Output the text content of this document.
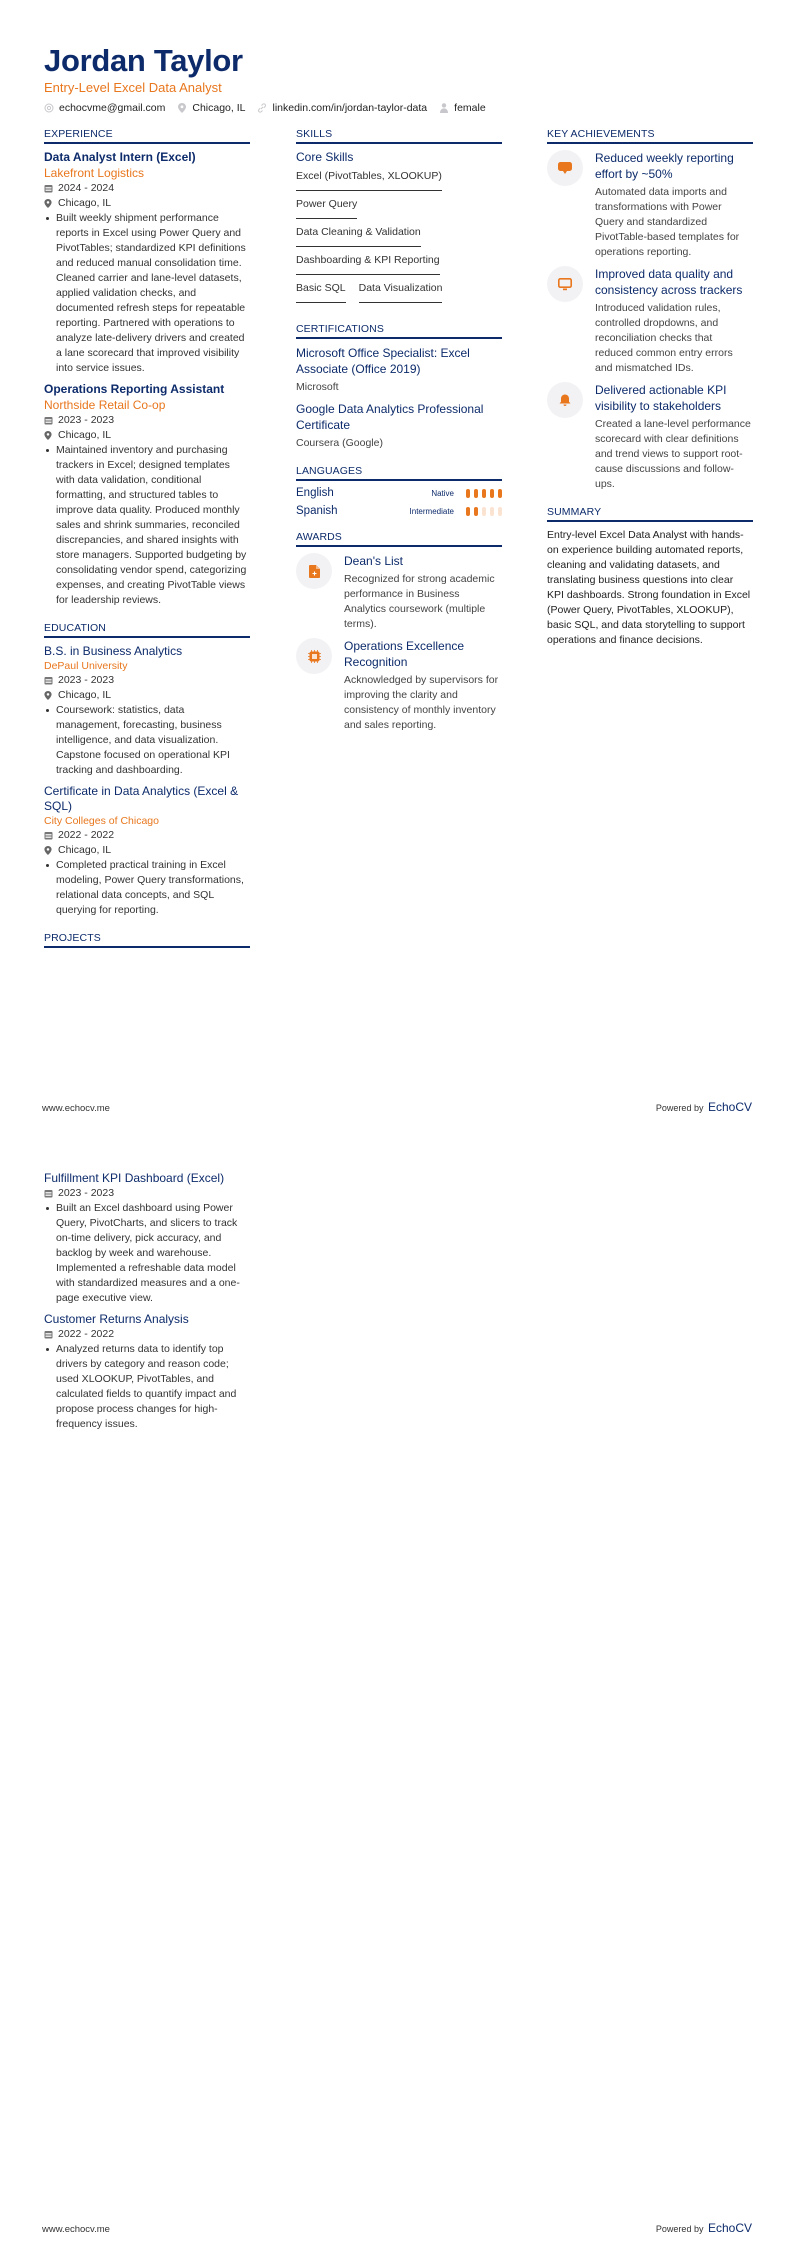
Jordan Taylor
Entry-Level Excel Data Analyst
echocvme@gmail.com	Chicago, IL	linkedin.com/in/jordan-taylor-data	female
EXPERIENCE
Data Analyst Intern (Excel)
Lakefront Logistics
2024 - 2024
Chicago, IL
Built weekly shipment performance reports in Excel using Power Query and PivotTables; standardized KPI definitions and reduced manual consolidation time. Cleaned carrier and lane-level datasets, applied validation checks, and documented refresh steps for repeatable reporting. Partnered with operations to analyze late-delivery drivers and created a lane scorecard that improved visibility into service issues.
Operations Reporting Assistant
Northside Retail Co-op
2023 - 2023
Chicago, IL
Maintained inventory and purchasing trackers in Excel; designed templates with data validation, conditional formatting, and structured tables to improve data quality. Produced monthly sales and shrink summaries, reconciled discrepancies, and shared insights with store managers. Supported budgeting by consolidating vendor spend, categorizing expenses, and creating PivotTable views for leadership reviews.
EDUCATION
B.S. in Business Analytics
DePaul University
2023 - 2023
Chicago, IL
Coursework: statistics, data management, forecasting, business intelligence, and data visualization. Capstone focused on operational KPI tracking and dashboarding.
Certificate in Data Analytics (Excel & SQL)
City Colleges of Chicago
2022 - 2022
Chicago, IL
Completed practical training in Excel modeling, Power Query transformations, relational data concepts, and SQL querying for reporting.
PROJECTS
SKILLS
Core Skills
Excel (PivotTables, XLOOKUP)
Power Query
Data Cleaning & Validation
Dashboarding & KPI Reporting
Basic SQL Data Visualization
CERTIFICATIONS
Microsoft Office Specialist: Excel Associate (Office 2019)
Microsoft
Google Data Analytics Professional Certificate
Coursera (Google)
LANGUAGES
English	Native
Spanish	Intermediate
AWARDS
Dean's List
Recognized for strong academic performance in Business Analytics coursework (multiple terms).
Operations Excellence Recognition
Acknowledged by supervisors for improving the clarity and consistency of monthly inventory and sales reporting.
KEY ACHIEVEMENTS
Reduced weekly reporting effort by ~50%
Automated data imports and transformations with Power Query and standardized PivotTable-based templates for operations reporting.
Improved data quality and consistency across trackers
Introduced validation rules, controlled dropdowns, and reconciliation checks that reduced common entry errors and mismatched IDs.
Delivered actionable KPI visibility to stakeholders
Created a lane-level performance scorecard with clear definitions and trend views to support root-cause discussions and follow-ups.
SUMMARY
Entry-level Excel Data Analyst with hands-on experience building automated reports, cleaning and validating datasets, and translating business questions into clear KPI dashboards. Strong foundation in Excel (Power Query, PivotTables, XLOOKUP), basic SQL, and data storytelling to support operations and finance decisions.
www.echocv.me	Powered by EchoCV
Fulfillment KPI Dashboard (Excel)
2023 - 2023
Built an Excel dashboard using Power Query, PivotCharts, and slicers to track on-time delivery, pick accuracy, and backlog by week and warehouse. Implemented a refreshable data model with standardized measures and a one-page executive view.
Customer Returns Analysis
2022 - 2022
Analyzed returns data to identify top drivers by category and reason code; used XLOOKUP, PivotTables, and calculated fields to quantify impact and propose process changes for high-frequency issues.
www.echocv.me	Powered by EchoCV
